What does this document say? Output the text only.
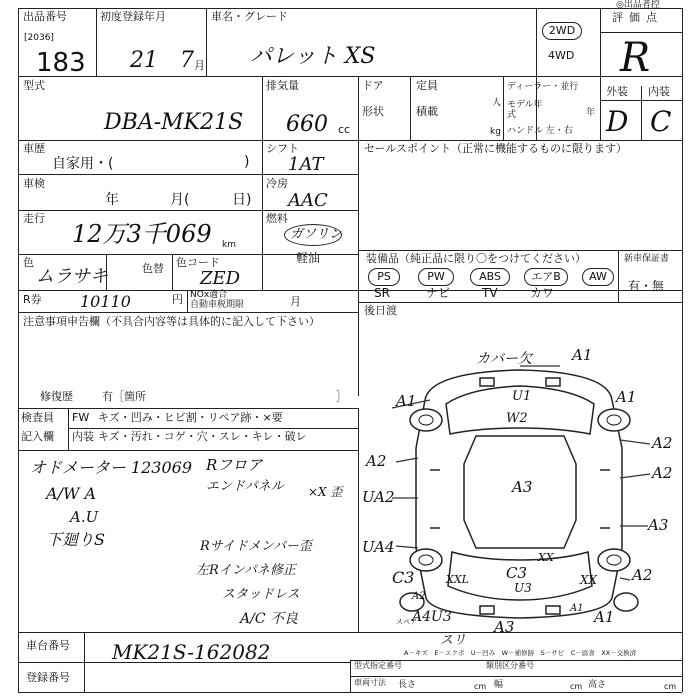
出品番号
[2036]
183
初度登録年月
21 7 月
車名・グレード
パレット XS
2WD
4WD
評価点
◎出品者控
R
外装 内装
D C
型式
DBA-MK21S
排気量
660 cc
ドア
形状
定員
積載
人
kg
ディーラー・並行
モデル年式	年
ハンドル 左・右
車歴
自家用・(	)
車検
年	月(	日)
走行
12万3千069 km
色
ムラサキ	色替 色コード
ZED
シフト
1AT
冷房
AAC
燃料
ガソリン
軽油
R券 10110	円 NOx適合
自動車税期限	月
注意事項申告欄（不具合内容等は具体的に記入して下さい）
修復歴	有［箇所	］
セールスポイント（正常に機能するものに限ります）
装備品（純正品に限り〇をつけてください）
PS	PW	ABS	エアB	AW
SR	ナビ	TV	カワ
新車保証書
有・無
後日渡
検査員
記入欄
FW キズ・凹み・ヒビ割・リペア跡・×要
内装 キズ・汚れ・コゲ・穴・スレ・キレ・破レ
オドメーター 123069
A/W A
A.U
下廻りS
Rフロア
エンドパネル ×X 歪
Rサイドメンバー歪
左Rインパネ修正
スタッドレス
A/C 不良
カバー欠	A1
A1	U1
W2
A1
A2
A2
A2
A3
UA2
A3
UA4
XX
C3	XXL C3
U3
XX A2
A1
A4U3
A3
スリ
A2
A1
スペア
A－キズ　E－エクボ　U－凹み　W－補修跡　S－サビ　C－腐食　XX－交換済
車台番号 MK21S-162082
登録番号
型式指定番号	類別区分番号
車両寸法 長さ	cm 幅	cm 高さ	cm
